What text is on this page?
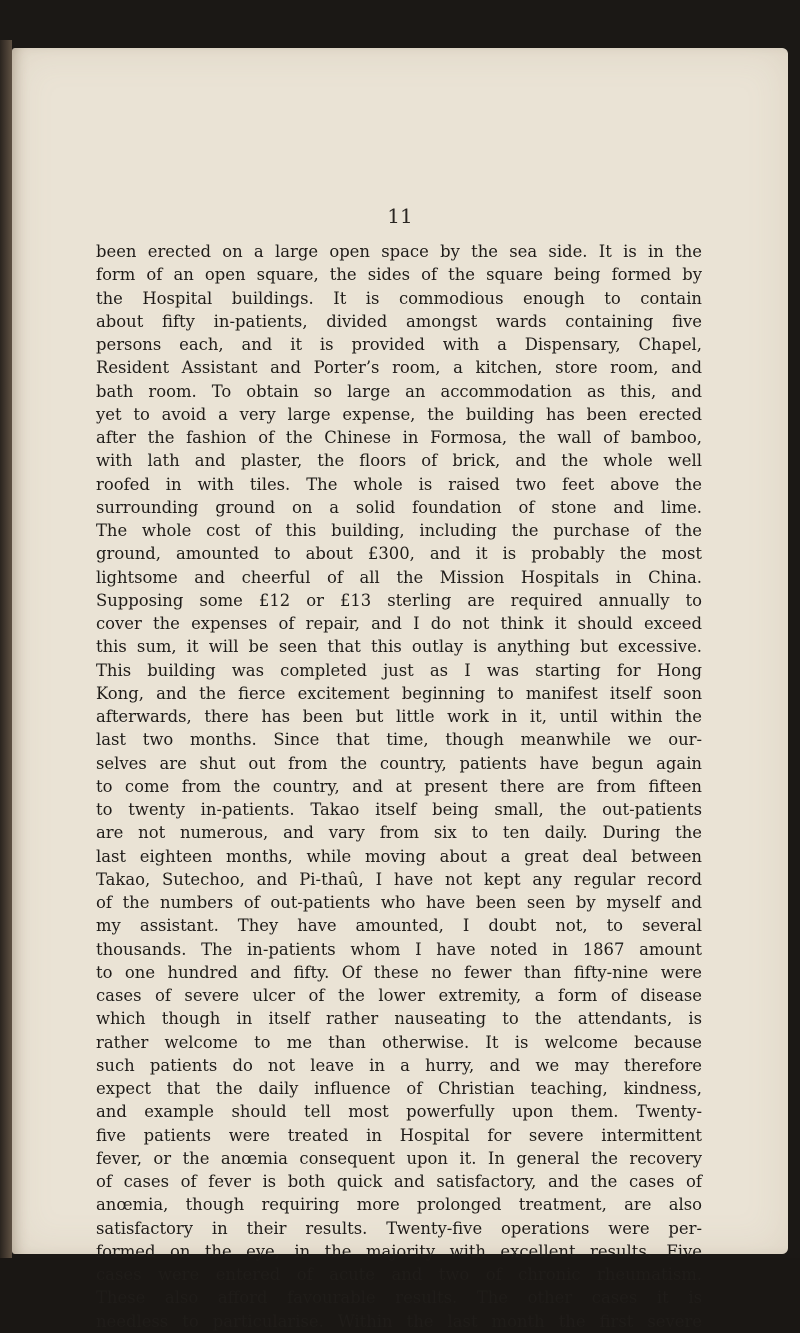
11

been erected on a large open space by the sea side. It is in the
form of an open square, the sides of the square being formed by
the Hospital buildings. It is commodious enough to contain
about fifty in-patients, divided amongst wards containing five
persons each, and it is provided with a Dispensary, Chapel,
Resident Assistant and Porter’s room, a kitchen, store room, and
bath room. To obtain so large an accommodation as this, and
yet to avoid a very large expense, the building has been erected
after the fashion of the Chinese in Formosa, the wall of bamboo,
with lath and plaster, the floors of brick, and the whole well
roofed in with tiles. The whole is raised two feet above the
surrounding ground on a solid foundation of stone and lime.
The whole cost of this building, including the purchase of the
ground, amounted to about £300, and it is probably the most
lightsome and cheerful of all the Mission Hospitals in China.
Supposing some £12 or £13 sterling are required annually to
cover the expenses of repair, and I do not think it should exceed
this sum, it will be seen that this outlay is anything but excessive.
This building was completed just as I was starting for Hong
Kong, and the fierce excitement beginning to manifest itself soon
afterwards, there has been but little work in it, until within the
last two months. Since that time, though meanwhile we our-
selves are shut out from the country, patients have begun again
to come from the country, and at present there are from fifteen
to twenty in-patients. Takao itself being small, the out-patients
are not numerous, and vary from six to ten daily. During the
last eighteen months, while moving about a great deal between
Takao, Sutechoo, and Pi-thaû, I have not kept any regular record
of the numbers of out-patients who have been seen by myself and
my assistant. They have amounted, I doubt not, to several
thousands. The in-patients whom I have noted in 1867 amount
to one hundred and fifty. Of these no fewer than fifty-nine were
cases of severe ulcer of the lower extremity, a form of disease
which though in itself rather nauseating to the attendants, is
rather welcome to me than otherwise. It is welcome because
such patients do not leave in a hurry, and we may therefore
expect that the daily influence of Christian teaching, kindness,
and example should tell most powerfully upon them. Twenty-
five patients were treated in Hospital for severe intermittent
fever, or the anœmia consequent upon it. In general the recovery
of cases of fever is both quick and satisfactory, and the cases of
anœmia, though requiring more prolonged treatment, are also
satisfactory in their results. Twenty-five operations were per-
formed on the eye, in the majority with excellent results. Five
cases were entered of acute and two of chronic rheumatism.
These also afford favourable results. The other cases it is
needless to particularise. Within the last month the first severe
